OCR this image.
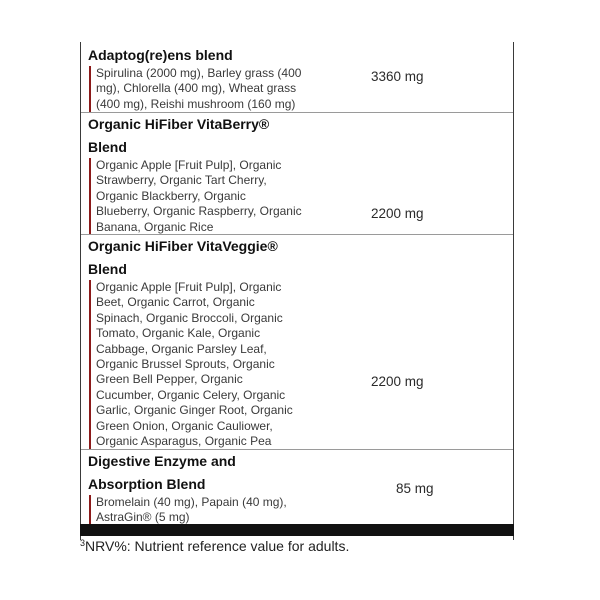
Adaptog(re)ens blend
Spirulina (2000 mg), Barley grass (400
mg), Chlorella (400 mg), Wheat grass
(400 mg), Reishi mushroom (160 mg)
3360 mg
Organic HiFiber VitaBerry®
Blend
Organic Apple [Fruit Pulp], Organic
Strawberry, Organic Tart Cherry,
Organic Blackberry, Organic
Blueberry, Organic Raspberry, Organic
Banana, Organic Rice
2200 mg
Organic HiFiber VitaVeggie®
Blend
Organic Apple [Fruit Pulp], Organic
Beet, Organic Carrot, Organic
Spinach, Organic Broccoli, Organic
Tomato, Organic Kale, Organic
Cabbage, Organic Parsley Leaf,
Organic Brussel Sprouts, Organic
Green Bell Pepper, Organic
Cucumber, Organic Celery, Organic
Garlic, Organic Ginger Root, Organic
Green Onion, Organic Cauliower,
Organic Asparagus, Organic Pea
2200 mg
Digestive Enzyme and
Absorption Blend
Bromelain (40 mg), Papain (40 mg),
AstraGin® (5 mg)
85 mg
$^3$NRV%: Nutrient reference value for adults.
